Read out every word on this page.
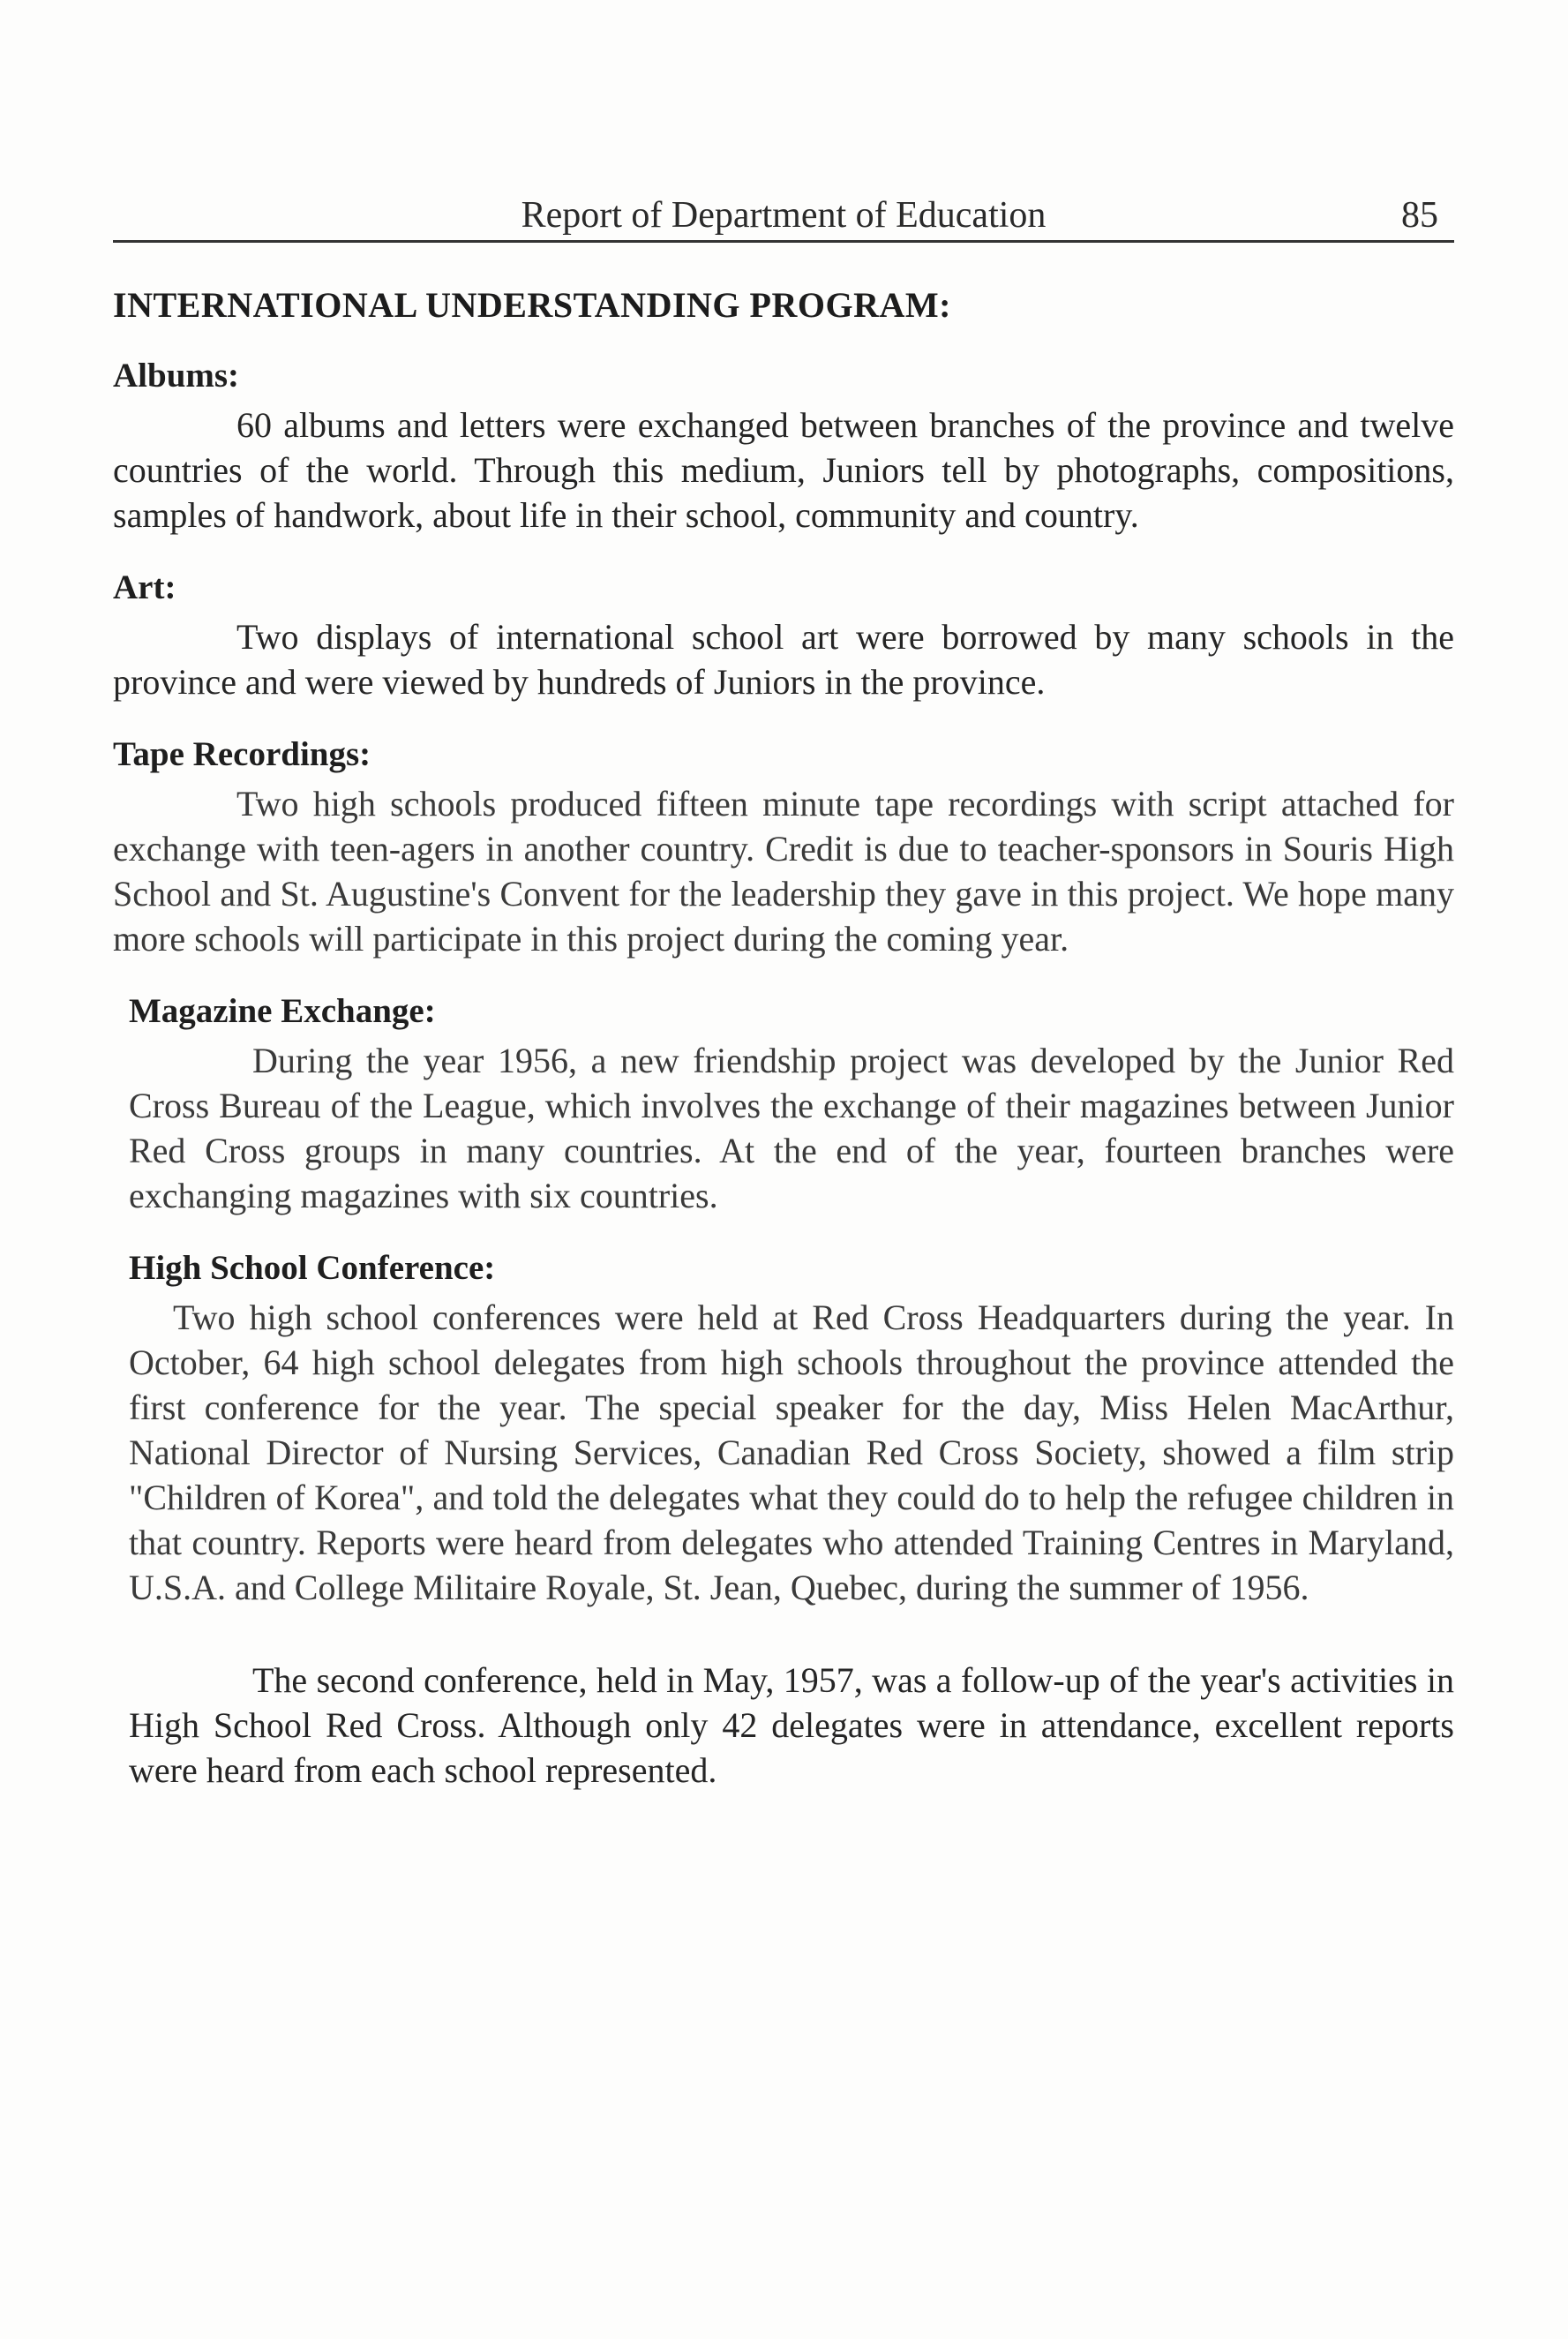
Report of Department of Education	85
INTERNATIONAL UNDERSTANDING PROGRAM:
Albums:

60 albums and letters were exchanged between branches of the province and twelve countries of the world. Through this medium, Juniors tell by photographs, compositions, samples of handwork, about life in their school, community and country.

Art:

Two displays of international school art were borrowed by many schools in the province and were viewed by hundreds of Juniors in the province.

Tape Recordings:

Two high schools produced fifteen minute tape recordings with script attached for exchange with teen-agers in another country. Credit is due to teacher-sponsors in Souris High School and St. Augustine's Convent for the leadership they gave in this project. We hope many more schools will participate in this project during the coming year.

Magazine Exchange:

During the year 1956, a new friendship project was developed by the Junior Red Cross Bureau of the League, which involves the exchange of their magazines between Junior Red Cross groups in many countries. At the end of the year, fourteen branches were exchanging magazines with six countries.

High School Conference:

Two high school conferences were held at Red Cross Headquarters during the year. In October, 64 high school delegates from high schools throughout the province attended the first conference for the year. The special speaker for the day, Miss Helen MacArthur, National Director of Nursing Services, Canadian Red Cross Society, showed a film strip "Children of Korea", and told the delegates what they could do to help the refugee children in that country. Reports were heard from delegates who attended Training Centres in Maryland, U.S.A. and College Militaire Royale, St. Jean, Quebec, during the summer of 1956.

The second conference, held in May, 1957, was a follow-up of the year's activities in High School Red Cross. Although only 42 delegates were in attendance, excellent reports were heard from each school represented.
